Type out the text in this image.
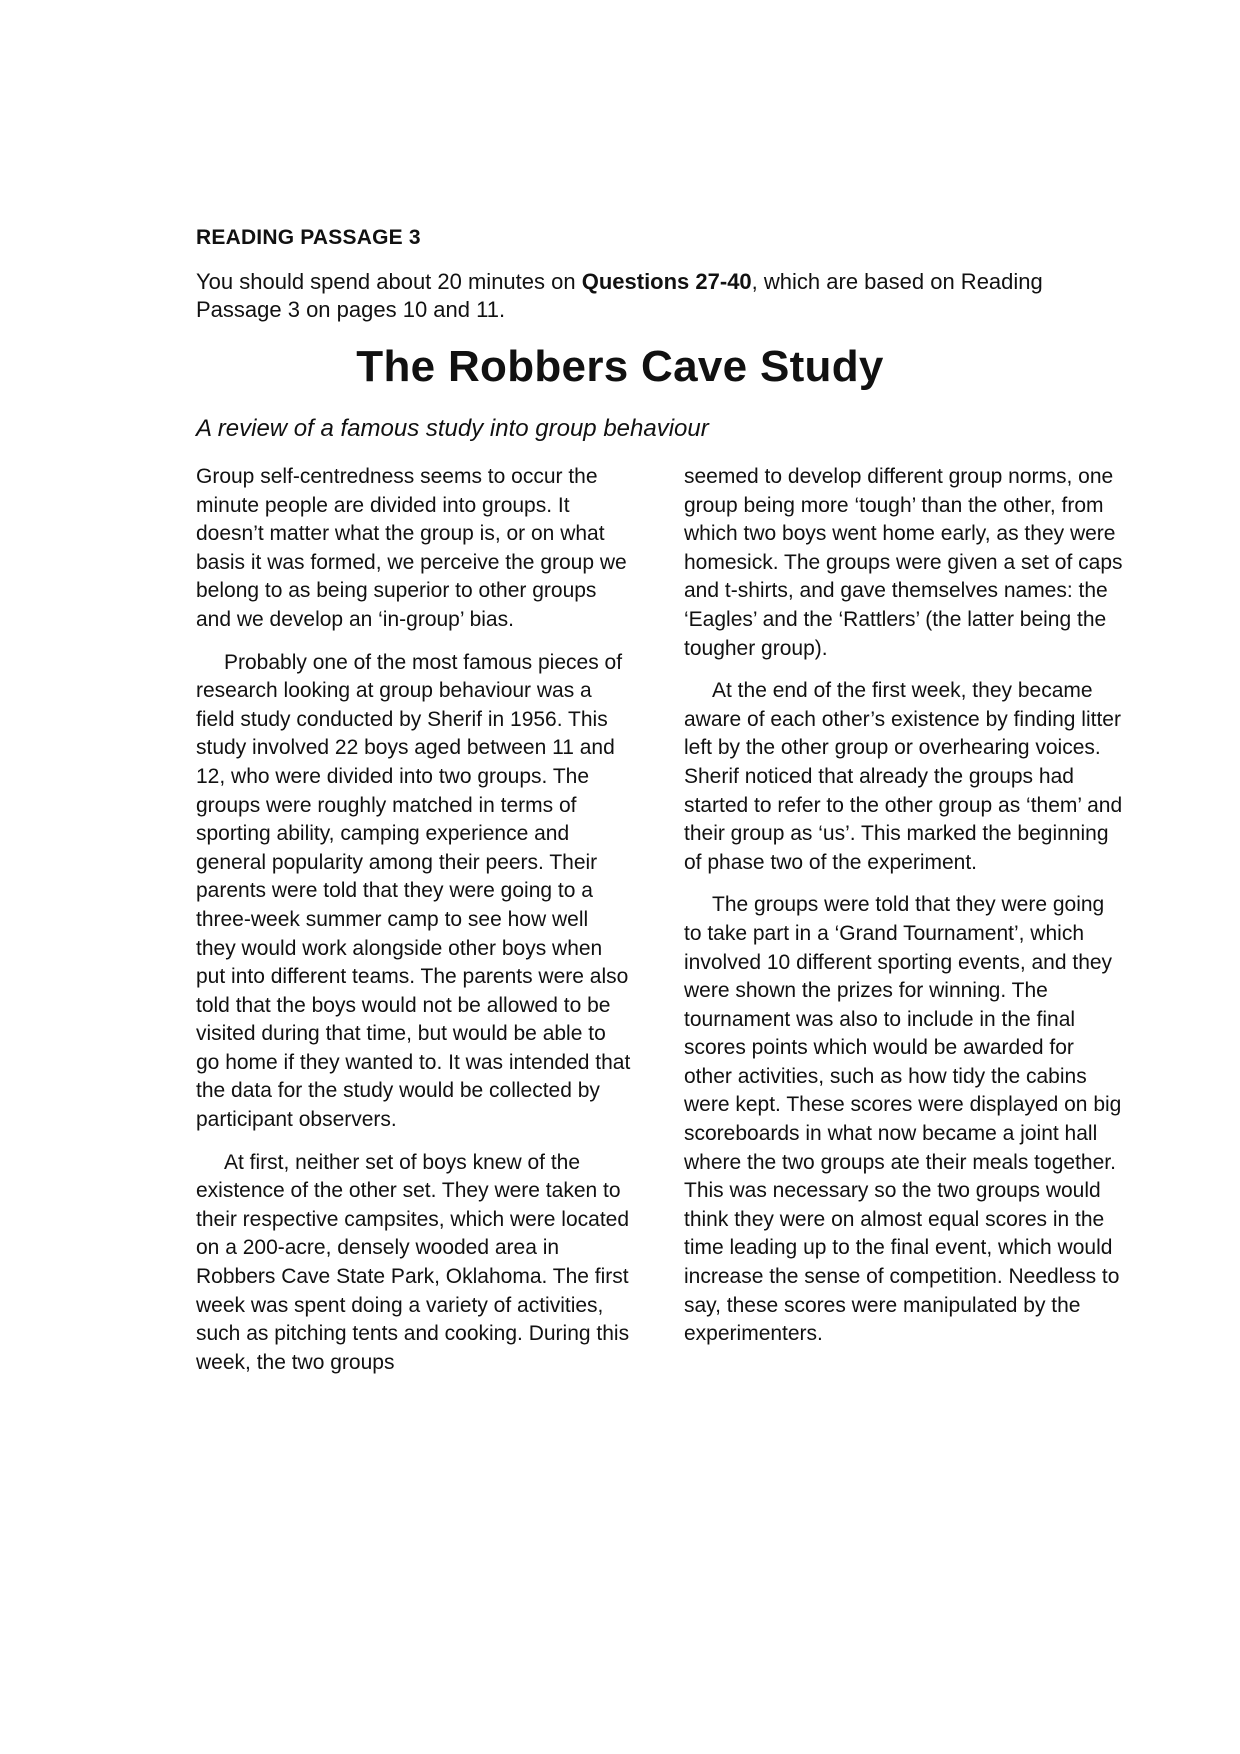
READING PASSAGE 3
You should spend about 20 minutes on Questions 27-40, which are based on Reading Passage 3 on pages 10 and 11.
The Robbers Cave Study
A review of a famous study into group behaviour

Group self-centredness seems to occur the minute people are divided into groups. It doesn’t matter what the group is, or on what basis it was formed, we perceive the group we belong to as being superior to other groups and we develop an ‘in-group’ bias.

Probably one of the most famous pieces of research looking at group behaviour was a field study conducted by Sherif in 1956. This study involved 22 boys aged between 11 and 12, who were divided into two groups. The groups were roughly matched in terms of sporting ability, camping experience and general popularity among their peers. Their parents were told that they were going to a three-week summer camp to see how well they would work alongside other boys when put into different teams. The parents were also told that the boys would not be allowed to be visited during that time, but would be able to go home if they wanted to. It was intended that the data for the study would be collected by participant observers.

At first, neither set of boys knew of the existence of the other set. They were taken to their respective campsites, which were located on a 200-acre, densely wooded area in Robbers Cave State Park, Oklahoma. The first week was spent doing a variety of activities, such as pitching tents and cooking. During this week, the two groups

seemed to develop different group norms, one group being more ‘tough’ than the other, from which two boys went home early, as they were homesick. The groups were given a set of caps and t-shirts, and gave themselves names: the ‘Eagles’ and the ‘Rattlers’ (the latter being the tougher group).

At the end of the first week, they became aware of each other’s existence by finding litter left by the other group or overhearing voices. Sherif noticed that already the groups had started to refer to the other group as ‘them’ and their group as ‘us’. This marked the beginning of phase two of the experiment.

The groups were told that they were going to take part in a ‘Grand Tournament’, which involved 10 different sporting events, and they were shown the prizes for winning. The tournament was also to include in the final scores points which would be awarded for other activities, such as how tidy the cabins were kept. These scores were displayed on big scoreboards in what now became a joint hall where the two groups ate their meals together. This was necessary so the two groups would think they were on almost equal scores in the time leading up to the final event, which would increase the sense of competition. Needless to say, these scores were manipulated by the experimenters.
